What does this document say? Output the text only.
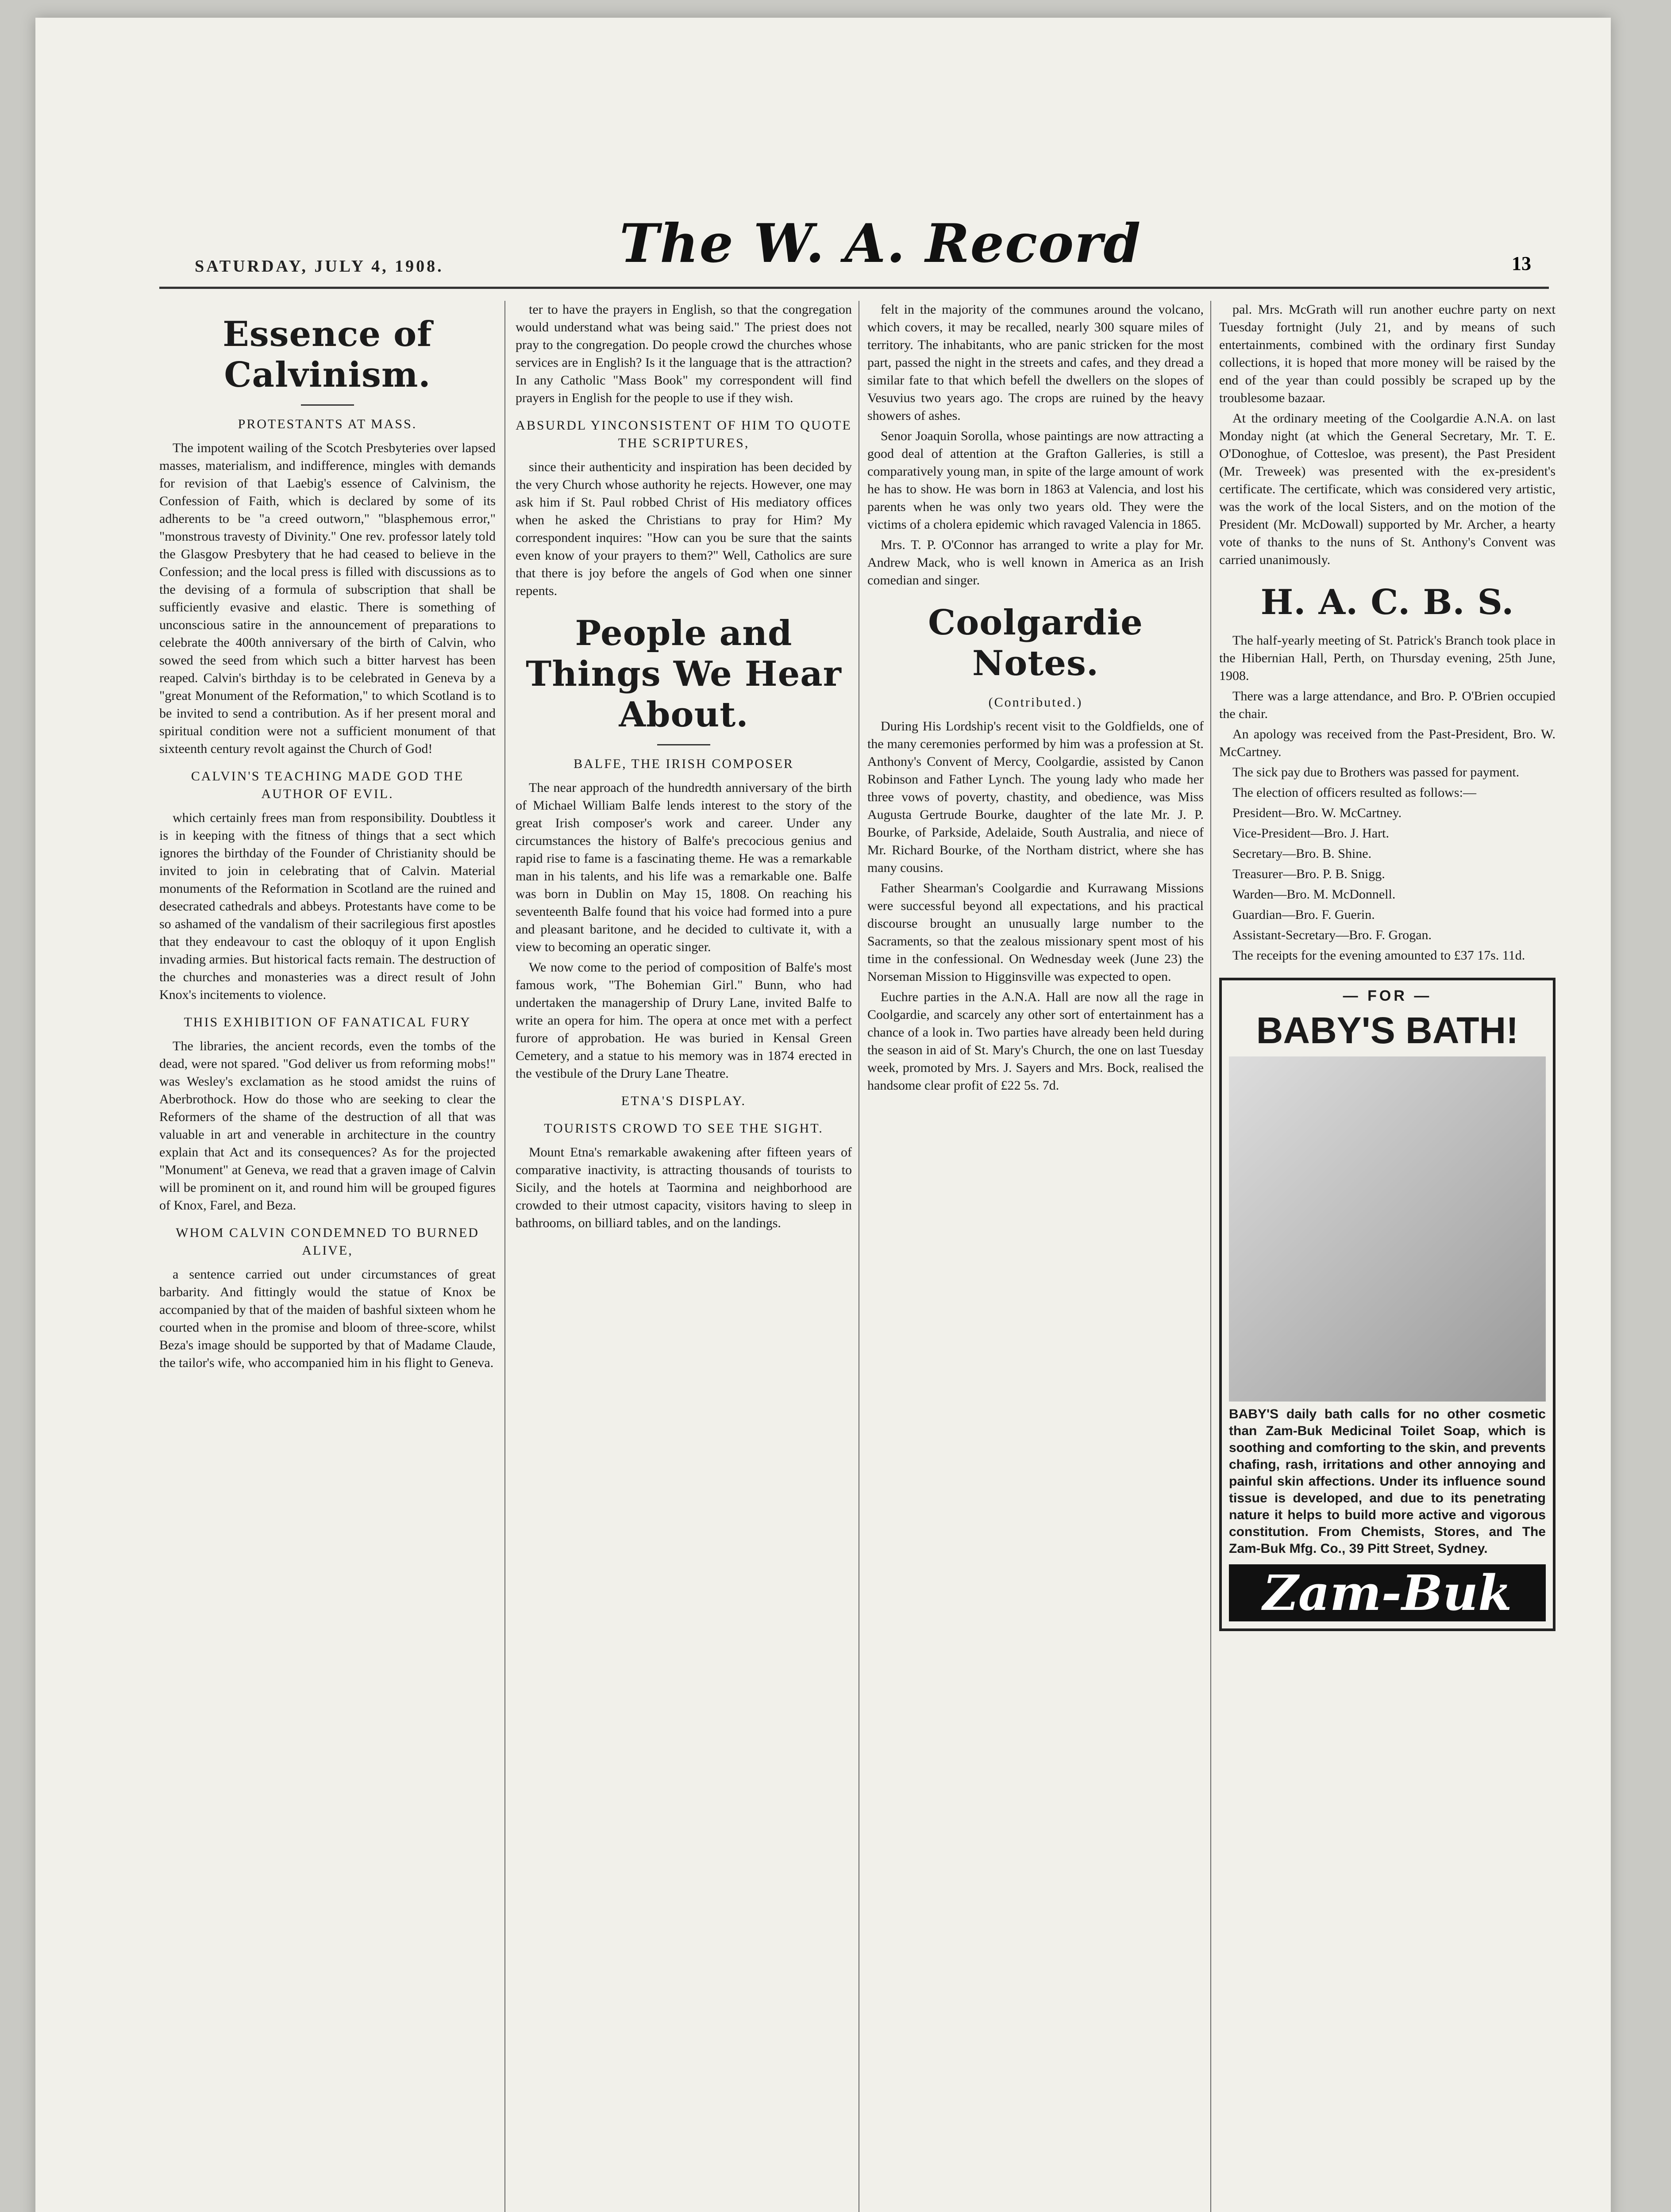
SATURDAY, JULY 4, 1908.	The W. A. Record	13
Essence of Calvinism.
PROTESTANTS AT MASS.

The impotent wailing of the Scotch Presbyteries over lapsed masses, materialism, and indifference, mingles with demands for revision of that Laebig's essence of Calvinism, the Confession of Faith, which is declared by some of its adherents to be "a creed outworn," "blasphemous error," "monstrous travesty of Divinity." One rev. professor lately told the Glasgow Presbytery that he had ceased to believe in the Confession; and the local press is filled with discussions as to the devising of a formula of subscription that shall be sufficiently evasive and elastic. There is something of unconscious satire in the announcement of preparations to celebrate the 400th anniversary of the birth of Calvin, who sowed the seed from which such a bitter harvest has been reaped. Calvin's birthday is to be celebrated in Geneva by a "great Monument of the Reformation," to which Scotland is to be invited to send a contribution. As if her present moral and spiritual condition were not a sufficient monument of that sixteenth century revolt against the Church of God!

CALVIN'S TEACHING MADE GOD THE AUTHOR OF EVIL.

which certainly frees man from responsibility. Doubtless it is in keeping with the fitness of things that a sect which ignores the birthday of the Founder of Christianity should be invited to join in celebrating that of Calvin. Material monuments of the Reformation in Scotland are the ruined and desecrated cathedrals and abbeys. Protestants have come to be so ashamed of the vandalism of their sacrilegious first apostles that they endeavour to cast the obloquy of it upon English invading armies. But historical facts remain. The destruction of the churches and monasteries was a direct result of John Knox's incitements to violence.

THIS EXHIBITION OF FANATICAL FURY

The libraries, the ancient records, even the tombs of the dead, were not spared. "God deliver us from reforming mobs!" was Wesley's exclamation as he stood amidst the ruins of Aberbrothock. How do those who are seeking to clear the Reformers of the shame of the destruction of all that was valuable in art and venerable in architecture in the country explain that Act and its consequences? As for the projected "Monument" at Geneva, we read that a graven image of Calvin will be prominent on it, and round him will be grouped figures of Knox, Farel, and Beza.

WHOM CALVIN CONDEMNED TO BURNED ALIVE,

a sentence carried out under circumstances of great barbarity. And fittingly would the statue of Knox be accompanied by that of the maiden of bashful sixteen whom he courted when in the promise and bloom of three-score, whilst Beza's image should be supported by that of Madame Claude, the tailor's wife, who accompanied him in his flight to Geneva.

ter to have the prayers in English, so that the congregation would understand what was being said." The priest does not pray to the congregation. Do people crowd the churches whose services are in English? Is it the language that is the attraction? In any Catholic "Mass Book" my correspondent will find prayers in English for the people to use if they wish.

ABSURDL YINCONSISTENT OF HIM TO QUOTE THE SCRIPTURES,

since their authenticity and inspiration has been decided by the very Church whose authority he rejects. However, one may ask him if St. Paul robbed Christ of His mediatory offices when he asked the Christians to pray for Him? My correspondent inquires: "How can you be sure that the saints even know of your prayers to them?" Well, Catholics are sure that there is joy before the angels of God when one sinner repents.

People and Things We Hear About.
BALFE, THE IRISH COMPOSER

The near approach of the hundredth anniversary of the birth of Michael William Balfe lends interest to the story of the great Irish composer's work and career. Under any circumstances the history of Balfe's precocious genius and rapid rise to fame is a fascinating theme. He was a remarkable man in his talents, and his life was a remarkable one. Balfe was born in Dublin on May 15, 1808. On reaching his seventeenth Balfe found that his voice had formed into a pure and pleasant baritone, and he decided to cultivate it, with a view to becoming an operatic singer.

We now come to the period of composition of Balfe's most famous work, "The Bohemian Girl." Bunn, who had undertaken the managership of Drury Lane, invited Balfe to write an opera for him. The opera at once met with a perfect furore of approbation. He was buried in Kensal Green Cemetery, and a statue to his memory was in 1874 erected in the vestibule of the Drury Lane Theatre.

ETNA'S DISPLAY.
TOURISTS CROWD TO SEE THE SIGHT.

Mount Etna's remarkable awakening after fifteen years of comparative inactivity, is attracting thousands of tourists to Sicily, and the hotels at Taormina and neighborhood are crowded to their utmost capacity, visitors having to sleep in bathrooms, on billiard tables, and on the landings.

felt in the majority of the communes around the volcano, which covers, it may be recalled, nearly 300 square miles of territory. The inhabitants, who are panic stricken for the most part, passed the night in the streets and cafes, and they dread a similar fate to that which befell the dwellers on the slopes of Vesuvius two years ago. The crops are ruined by the heavy showers of ashes.

Senor Joaquin Sorolla, whose paintings are now attracting a good deal of attention at the Grafton Galleries, is still a comparatively young man, in spite of the large amount of work he has to show. He was born in 1863 at Valencia, and lost his parents when he was only two years old. They were the victims of a cholera epidemic which ravaged Valencia in 1865.

Mrs. T. P. O'Connor has arranged to write a play for Mr. Andrew Mack, who is well known in America as an Irish comedian and singer.

Coolgardie Notes.
(Contributed.)

During His Lordship's recent visit to the Goldfields, one of the many ceremonies performed by him was a profession at St. Anthony's Convent of Mercy, Coolgardie, assisted by Canon Robinson and Father Lynch. The young lady who made her three vows of poverty, chastity, and obedience, was Miss Augusta Gertrude Bourke, daughter of the late Mr. J. P. Bourke, of Parkside, Adelaide, South Australia, and niece of Mr. Richard Bourke, of the Northam district, where she has many cousins.

Father Shearman's Coolgardie and Kurrawang Missions were successful beyond all expectations, and his practical discourse brought an unusually large number to the Sacraments, so that the zealous missionary spent most of his time in the confessional. On Wednesday week (June 23) the Norseman Mission to Higginsville was expected to open.

Euchre parties in the A.N.A. Hall are now all the rage in Coolgardie, and scarcely any other sort of entertainment has a chance of a look in. Two parties have already been held during the season in aid of St. Mary's Church, the one on last Tuesday week, promoted by Mrs. J. Sayers and Mrs. Bock, realised the handsome clear profit of £22 5s. 7d.

pal. Mrs. McGrath will run another euchre party on next Tuesday fortnight (July 21, and by means of such entertainments, combined with the ordinary first Sunday collections, it is hoped that more money will be raised by the end of the year than could possibly be scraped up by the troublesome bazaar.

At the ordinary meeting of the Coolgardie A.N.A. on last Monday night (at which the General Secretary, Mr. T. E. O'Donoghue, of Cottesloe, was present), the Past President (Mr. Treweek) was presented with the ex-president's certificate. The certificate, which was considered very artistic, was the work of the local Sisters, and on the motion of the President (Mr. McDowall) supported by Mr. Archer, a hearty vote of thanks to the nuns of St. Anthony's Convent was carried unanimously.

H. A. C. B. S.

The half-yearly meeting of St. Patrick's Branch took place in the Hibernian Hall, Perth, on Thursday evening, 25th June, 1908.

There was a large attendance, and Bro. P. O'Brien occupied the chair.

An apology was received from the Past-President, Bro. W. McCartney.

The sick pay due to Brothers was passed for payment.

The election of officers resulted as follows:—

President—Bro. W. McCartney.

Vice-President—Bro. J. Hart.

Secretary—Bro. B. Shine.

Treasurer—Bro. P. B. Snigg.

Warden—Bro. M. McDonnell.

Guardian—Bro. F. Guerin.

Assistant-Secretary—Bro. F. Grogan.

The receipts for the evening amounted to £37 17s. 11d.

— FOR —
BABY'S BATH!
BABY'S daily bath calls for no other cosmetic than Zam-Buk Medicinal Toilet Soap, which is soothing and comforting to the skin, and prevents chafing, rash, irritations and other annoying and painful skin affections. Under its influence sound tissue is developed, and due to its penetrating nature it helps to build more active and vigorous constitution. From Chemists, Stores, and The Zam-Buk Mfg. Co., 39 Pitt Street, Sydney.
Zam-Buk
